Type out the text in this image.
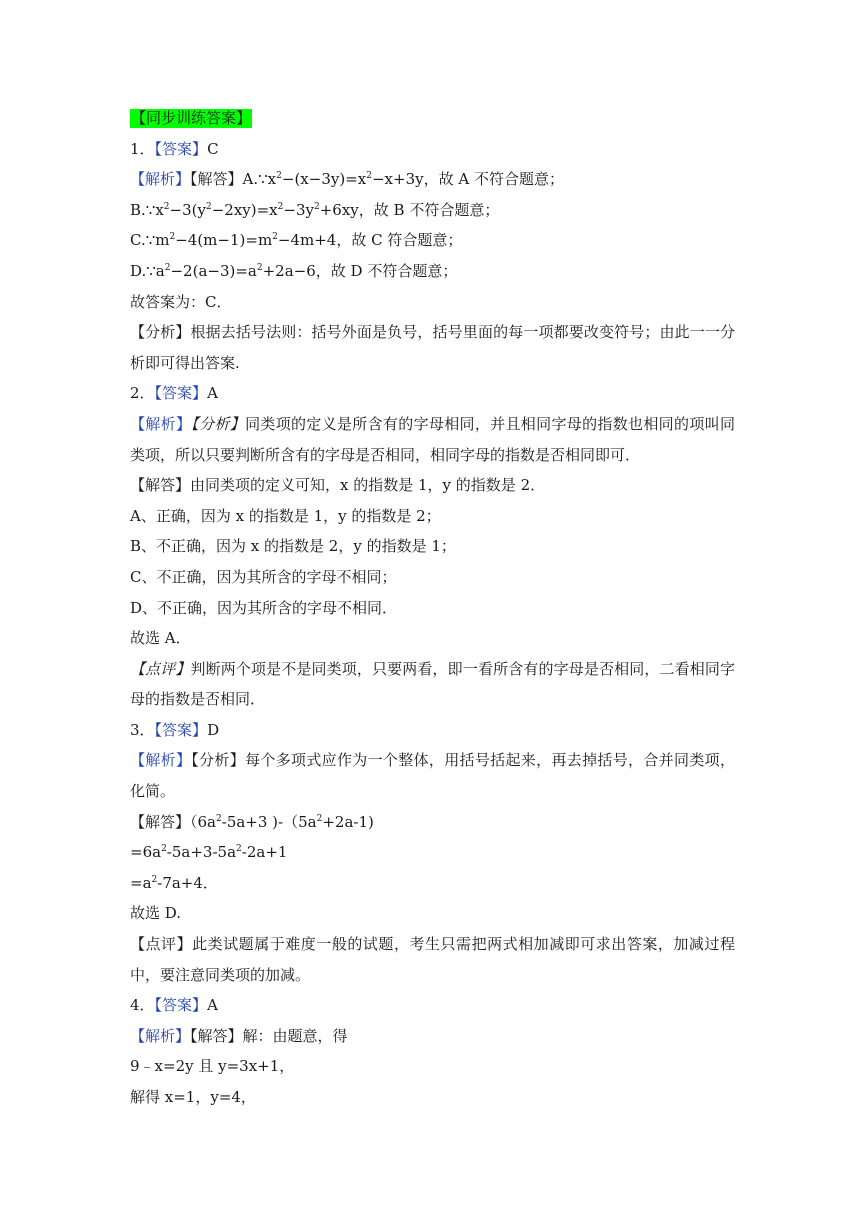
【同步训练答案】
1．【答案】C
【解析】【解答】$A.\because x^2-(x-3y)=x^2-x+3y$，故 A 不符合题意；
$B.\because x^2-3(y^2-2xy)=x^2-3y^2+6xy$，故 B 不符合题意；
$C.\because m^2-4(m-1)=m^2-4m+4$，故 C 符合题意；
$D.\because a^2-2(a-3)=a^2+2a-6$，故 D 不符合题意；
故答案为：C．
【分析】根据去括号法则：括号外面是负号，括号里面的每一项都要改变符号；由此一一分析即可得出答案.
2．【答案】A
【解析】【分析】同类项的定义是所含有的字母相同，并且相同字母的指数也相同的项叫同类项，所以只要判断所含有的字母是否相同，相同字母的指数是否相同即可．
【解答】由同类项的定义可知，x 的指数是 1，y 的指数是 2．
A、正确，因为 x 的指数是 1，y 的指数是 2；
B、不正确，因为 x 的指数是 2，y 的指数是 1；
C、不正确，因为其所含的字母不相同；
D、不正确，因为其所含的字母不相同．
故选 A．
【点评】判断两个项是不是同类项，只要两看，即一看所含有的字母是否相同，二看相同字母的指数是否相同．
3．【答案】D
【解析】【分析】每个多项式应作为一个整体，用括号括起来，再去掉括号，合并同类项，化简。
【解答】（$6a^2-5a+3$ )$-(5a^2+2a-1)$
$=6a^2-5a+3-5a^2-2a+1$
$=a^2-7a+4$．
故选 D.
【点评】此类试题属于难度一般的试题，考生只需把两式相加减即可求出答案，加减过程中，要注意同类项的加减。
4．【答案】A
【解析】【解答】解：由题意，得
9﹣x=2y 且 y=3x+1，
解得 x=1，y=4，
